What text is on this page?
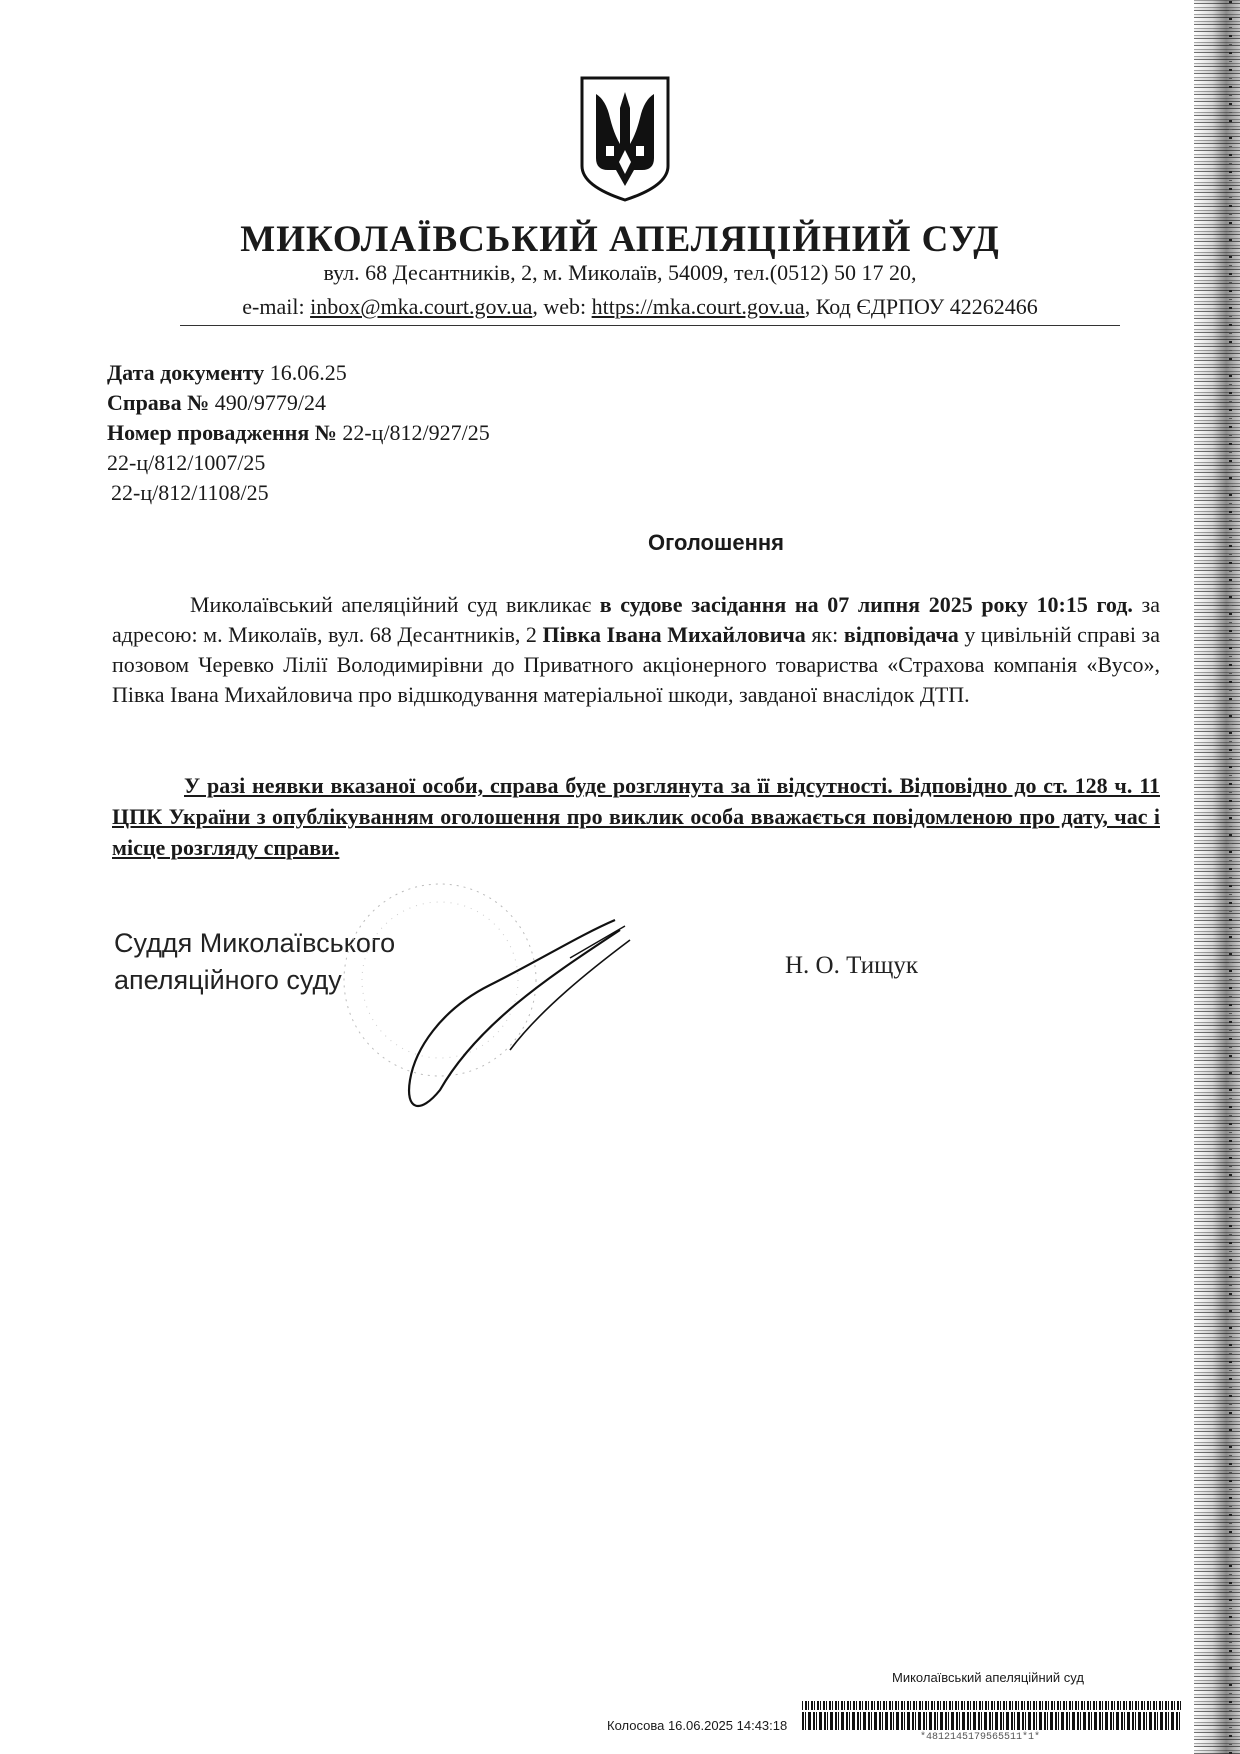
МИКОЛАЇВСЬКИЙ АПЕЛЯЦІЙНИЙ СУД
вул. 68 Десантників, 2, м. Миколаїв, 54009, тел.(0512) 50 17 20,
e-mail: inbox@mka.court.gov.ua, web: https://mka.court.gov.ua, Код ЄДРПОУ 42262466
Дата документу 16.06.25
Справа № 490/9779/24
Номер провадження № 22-ц/812/927/25
22-ц/812/1007/25
22-ц/812/1108/25
Оголошення
Миколаївський апеляційний суд викликає в судове засідання на 07 липня 2025 року 10:15 год. за адресою: м. Миколаїв, вул. 68 Десантників, 2 Півка Івана Михайловича як: відповідача у цивільній справі за позовом Черевко Лілії Володимирівни до Приватного акціонерного товариства «Страхова компанія «Вусо», Півка Івана Михайловича про відшкодування матеріальної шкоди, завданої внаслідок ДТП.
У разі неявки вказаної особи, справа буде розглянута за її відсутності. Відповідно до ст. 128 ч. 11 ЦПК України з опублікуванням оголошення про виклик особа вважається повідомленою про дату, час і місце розгляду справи.
Суддя Миколаївського
апеляційного суду	Н. О. Тищук
Миколаївський апеляційний суд
Колосова 16.06.2025 14:43:18
*4812145179565511*1*
